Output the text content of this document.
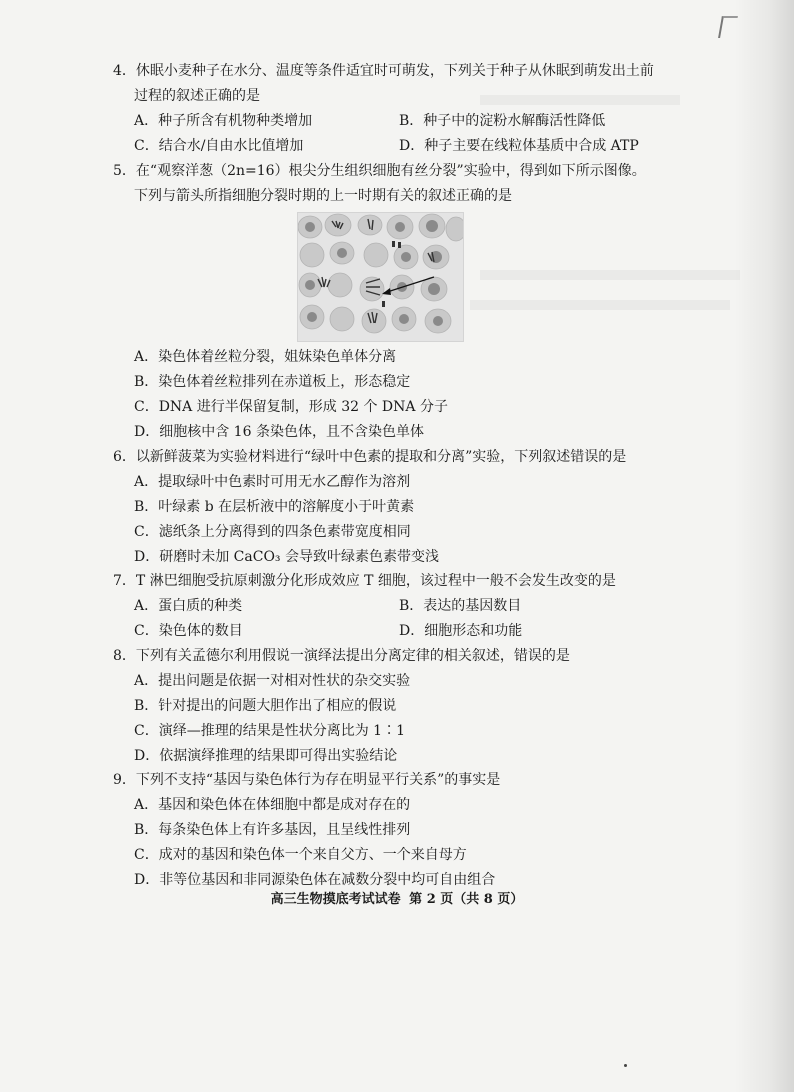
4．休眠小麦种子在水分、温度等条件适宜时可萌发，下列关于种子从休眠到萌发出土前
过程的叙述正确的是
A．种子所含有机物种类增加	B．种子中的淀粉水解酶活性降低
C．结合水/自由水比值增加	D．种子主要在线粒体基质中合成 ATP
5．在“观察洋葱（2n=16）根尖分生组织细胞有丝分裂”实验中，得到如下所示图像。
下列与箭头所指细胞分裂时期的上一时期有关的叙述正确的是
A．染色体着丝粒分裂，姐妹染色单体分离
B．染色体着丝粒排列在赤道板上，形态稳定
C．DNA 进行半保留复制，形成 32 个 DNA 分子
D．细胞核中含 16 条染色体，且不含染色单体
6．以新鲜菠菜为实验材料进行“绿叶中色素的提取和分离”实验，下列叙述错误的是
A．提取绿叶中色素时可用无水乙醇作为溶剂
B．叶绿素 b 在层析液中的溶解度小于叶黄素
C．滤纸条上分离得到的四条色素带宽度相同
D．研磨时未加 CaCO₃ 会导致叶绿素色素带变浅
7．T 淋巴细胞受抗原刺激分化形成效应 T 细胞，该过程中一般不会发生改变的是
A．蛋白质的种类	B．表达的基因数目
C．染色体的数目	D．细胞形态和功能
8．下列有关孟德尔利用假说一演绎法提出分离定律的相关叙述，错误的是
A．提出问题是依据一对相对性状的杂交实验
B．针对提出的问题大胆作出了相应的假说
C．演绎—推理的结果是性状分离比为 1∶1
D．依据演绎推理的结果即可得出实验结论
9．下列不支持“基因与染色体行为存在明显平行关系”的事实是
A．基因和染色体在体细胞中都是成对存在的
B．每条染色体上有许多基因，且呈线性排列
C．成对的基因和染色体一个来自父方、一个来自母方
D．非等位基因和非同源染色体在减数分裂中均可自由组合
高三生物摸底考试试卷 第 2 页（共 8 页）
